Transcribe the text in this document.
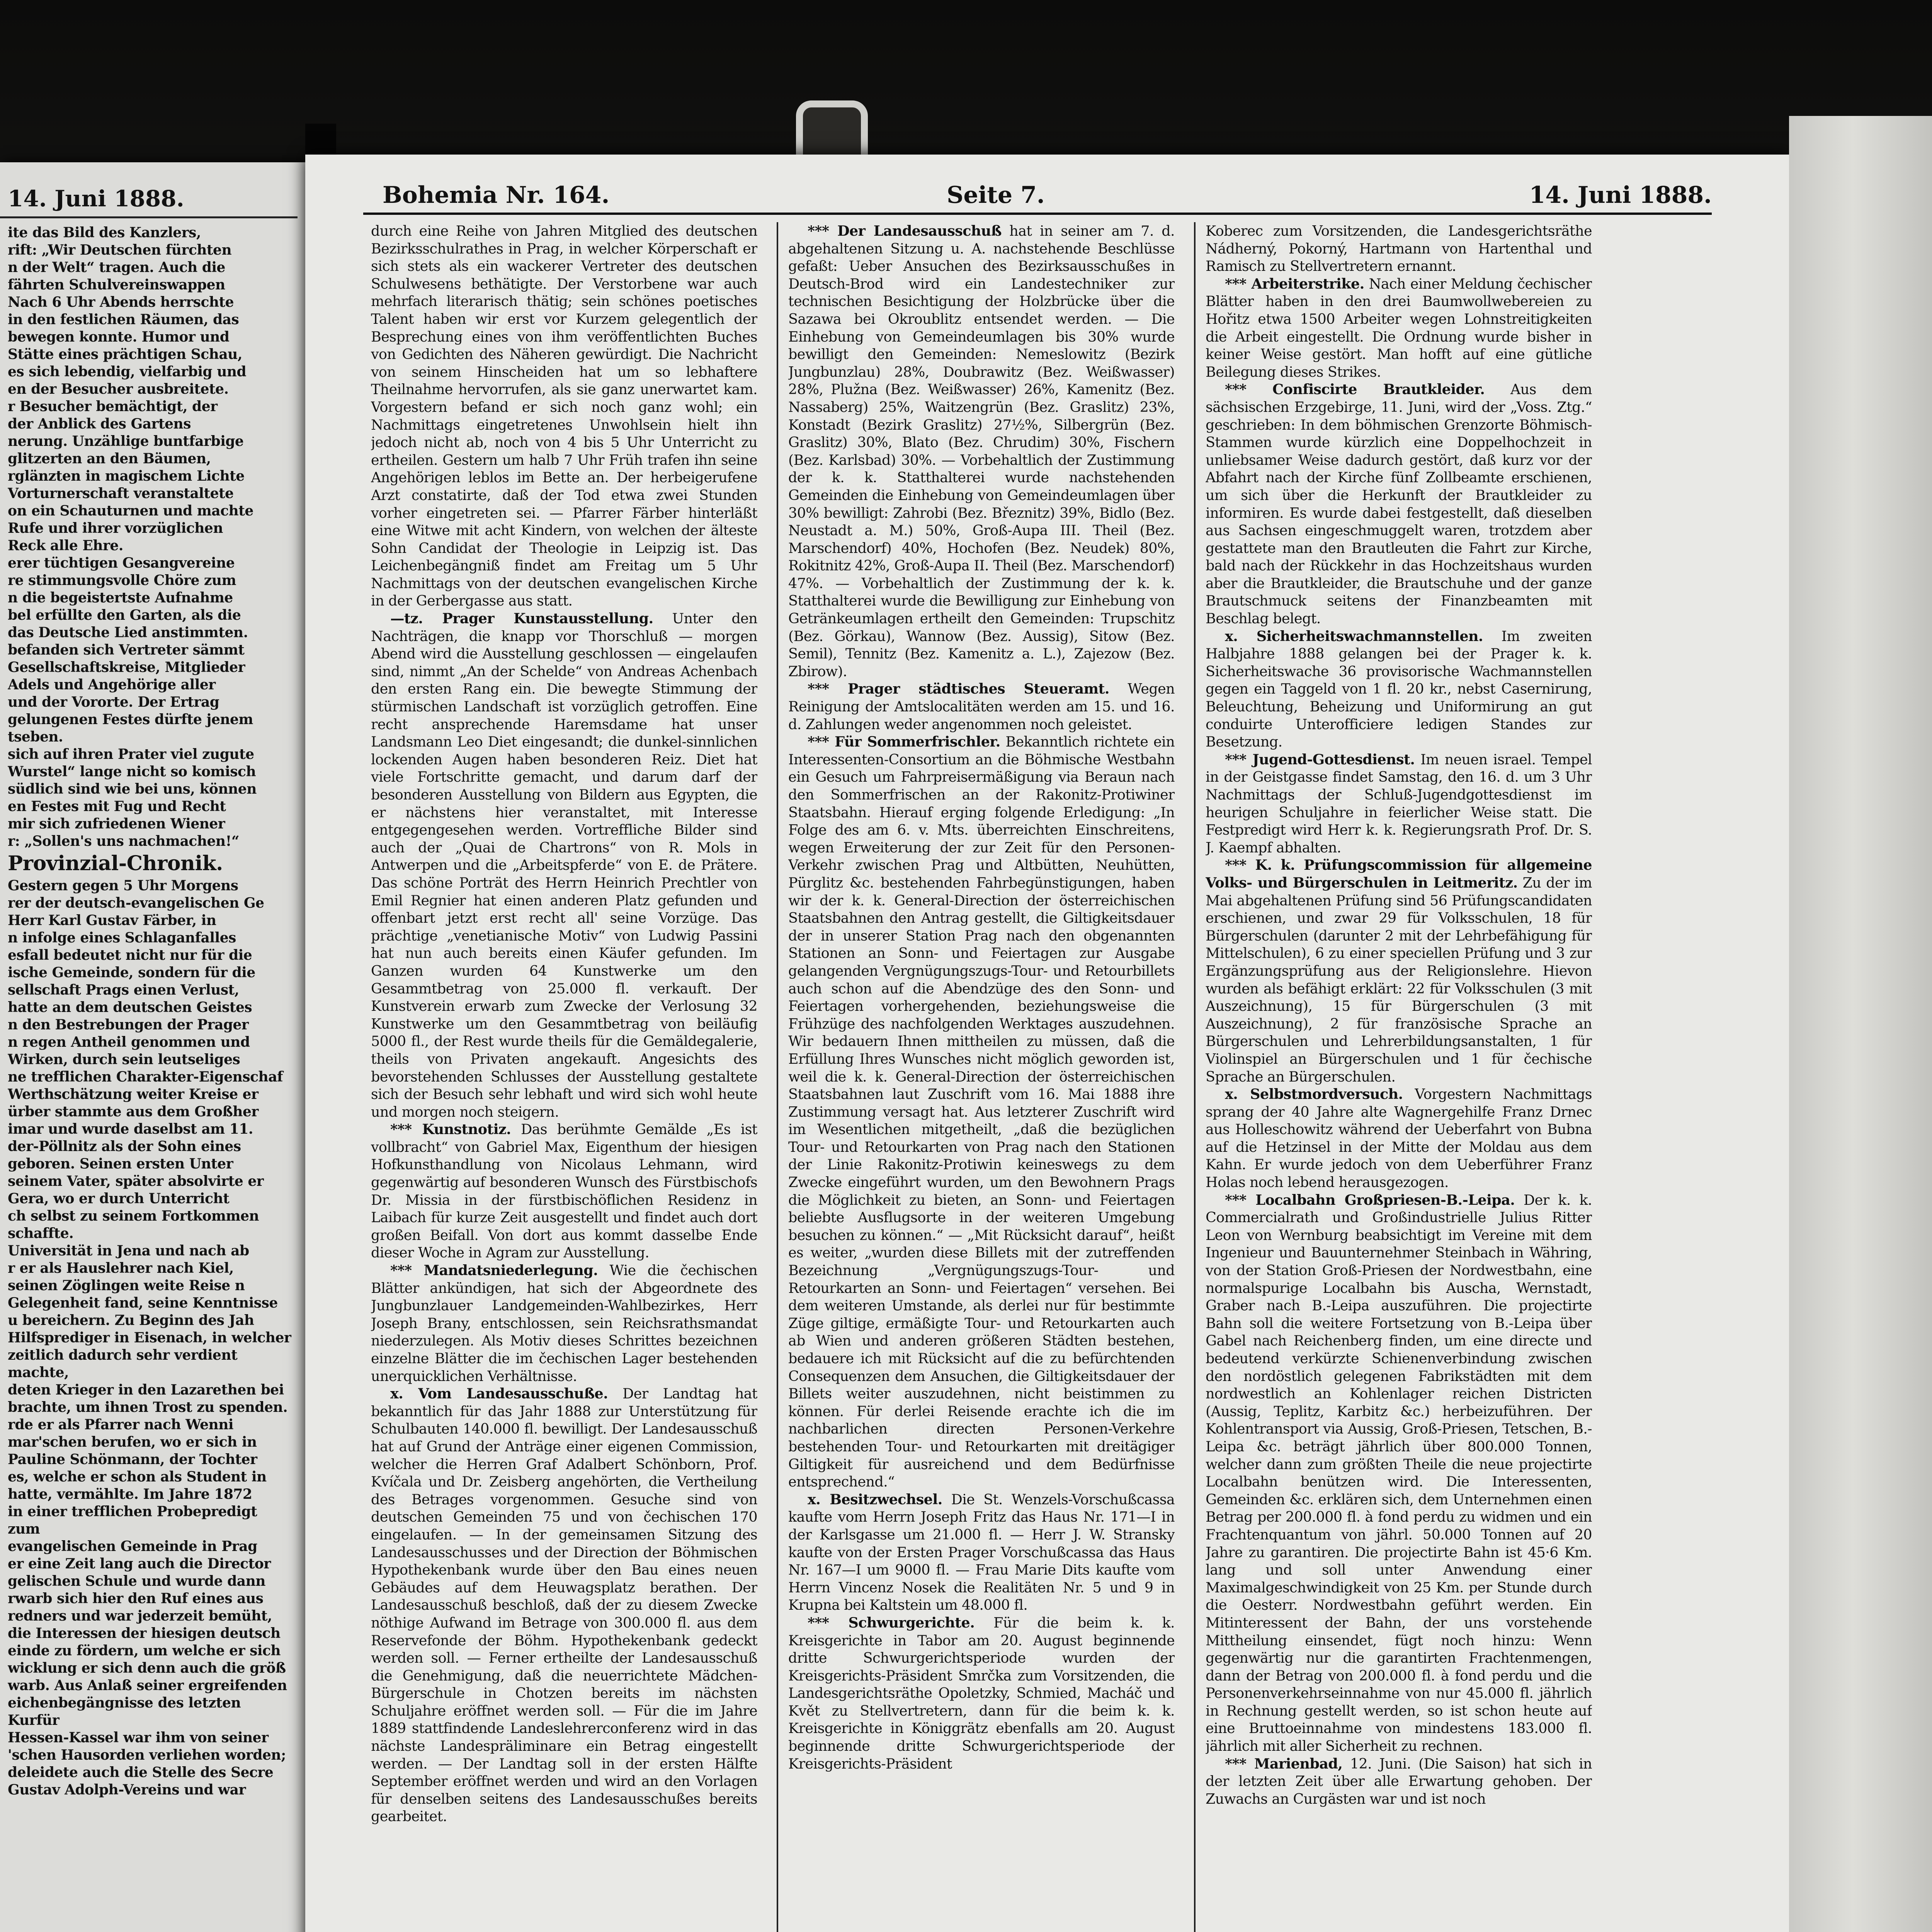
14. Juni 1888.
ite das Bild des Kanzlers,
rift: „Wir Deutschen fürchten
n der Welt“ tragen. Auch die
fährten Schulvereinswappen
Nach 6 Uhr Abends herrschte
in den festlichen Räumen, das
bewegen konnte. Humor und
Stätte eines prächtigen Schau,
es sich lebendig, vielfarbig und
en der Besucher ausbreitete.
r Besucher bemächtigt, der
der Anblick des Gartens
nerung. Unzählige buntfarbige
glitzerten an den Bäumen,
rglänzten in magischem Lichte
Vorturnerschaft veranstaltete
on ein Schauturnen und machte
Rufe und ihrer vorzüglichen
Reck alle Ehre.
erer tüchtigen Gesangvereine
re stimmungsvolle Chöre zum
n die begeistertste Aufnahme
bel erfüllte den Garten, als die
das Deutsche Lied anstimmten.
befanden sich Vertreter sämmt
Gesellschaftskreise, Mitglieder
Adels und Angehörige aller
und der Vororte. Der Ertrag
gelungenen Festes dürfte jenem
tseben.
sich auf ihren Prater viel zugute
Wurstel“ lange nicht so komisch
südlich sind wie bei uns, können
en Festes mit Fug und Recht
mir sich zufriedenen Wiener
r: „Sollen's uns nachmachen!“
Provinzial-Chronik.
Gestern gegen 5 Uhr Morgens
rer der deutsch-evangelischen Ge
Herr Karl Gustav Färber, in
n infolge eines Schlaganfalles
esfall bedeutet nicht nur für die
ische Gemeinde, sondern für die
sellschaft Prags einen Verlust,
hatte an dem deutschen Geistes
n den Bestrebungen der Prager
n regen Antheil genommen und
Wirken, durch sein leutseliges
ne trefflichen Charakter-Eigenschaf
Werthschätzung weiter Kreise er
ürber stammte aus dem Großher
imar und wurde daselbst am 11.
der-Pöllnitz als der Sohn eines
geboren. Seinen ersten Unter
seinem Vater, später absolvirte er
Gera, wo er durch Unterricht
ch selbst zu seinem Fortkommen schaffte.
Universität in Jena und nach ab
r er als Hauslehrer nach Kiel,
seinen Zöglingen weite Reise n
Gelegenheit fand, seine Kenntnisse
u bereichern. Zu Beginn des Jah
Hilfsprediger in Eisenach, in welcher
zeitlich dadurch sehr verdient machte,
deten Krieger in den Lazarethen bei
brachte, um ihnen Trost zu spenden.
rde er als Pfarrer nach Wenni
mar'schen berufen, wo er sich in
Pauline Schönmann, der Tochter
es, welche er schon als Student in
hatte, vermählte. Im Jahre 1872
in einer trefflichen Probepredigt zum
evangelischen Gemeinde in Prag
er eine Zeit lang auch die Director
gelischen Schule und wurde dann
rwarb sich hier den Ruf eines aus
redners und war jederzeit bemüht,
die Interessen der hiesigen deutsch
einde zu fördern, um welche er sich
wicklung er sich denn auch die größ
warb. Aus Anlaß seiner ergreifenden
eichenbegängnisse des letzten Kurfür
Hessen-Kassel war ihm von seiner
'schen Hausorden verliehen worden;
deleidete auch die Stelle des Secre
Gustav Adolph-Vereins und war
Bohemia Nr. 164.	Seite 7.	14. Juni 1888.

durch eine Reihe von Jahren Mitglied des deutschen Bezirksschulrathes in Prag, in welcher Körperschaft er sich stets als ein wackerer Vertreter des deutschen Schulwesens bethätigte. Der Verstorbene war auch mehrfach literarisch thätig; sein schönes poetisches Talent haben wir erst vor Kurzem gelegentlich der Besprechung eines von ihm veröffentlichten Buches von Gedichten des Näheren gewürdigt. Die Nachricht von seinem Hinscheiden hat um so lebhaftere Theilnahme hervorrufen, als sie ganz unerwartet kam. Vorgestern befand er sich noch ganz wohl; ein Nachmittags eingetretenes Unwohlsein hielt ihn jedoch nicht ab, noch von 4 bis 5 Uhr Unterricht zu ertheilen. Gestern um halb 7 Uhr Früh trafen ihn seine Angehörigen leblos im Bette an. Der herbeigerufene Arzt constatirte, daß der Tod etwa zwei Stunden vorher eingetreten sei. — Pfarrer Färber hinterläßt eine Witwe mit acht Kindern, von welchen der älteste Sohn Candidat der Theologie in Leipzig ist. Das Leichenbegängniß findet am Freitag um 5 Uhr Nachmittags von der deutschen evangelischen Kirche in der Gerbergasse aus statt.

—tz. Prager Kunstausstellung. Unter den Nachträgen, die knapp vor Thorschluß — morgen Abend wird die Ausstellung geschlossen — eingelaufen sind, nimmt „An der Schelde“ von Andreas Achenbach den ersten Rang ein. Die bewegte Stimmung der stürmischen Landschaft ist vorzüglich getroffen. Eine recht ansprechende Haremsdame hat unser Landsmann Leo Diet eingesandt; die dunkel-sinnlichen lockenden Augen haben besonderen Reiz. Diet hat viele Fortschritte gemacht, und darum darf der besonderen Ausstellung von Bildern aus Egypten, die er nächstens hier veranstaltet, mit Interesse entgegengesehen werden. Vortreffliche Bilder sind auch der „Quai de Chartrons“ von R. Mols in Antwerpen und die „Arbeitspferde“ von E. de Prätere. Das schöne Porträt des Herrn Heinrich Prechtler von Emil Regnier hat einen anderen Platz gefunden und offenbart jetzt erst recht all' seine Vorzüge. Das prächtige „venetianische Motiv“ von Ludwig Passini hat nun auch bereits einen Käufer gefunden. Im Ganzen wurden 64 Kunstwerke um den Gesammtbetrag von 25.000 fl. verkauft. Der Kunstverein erwarb zum Zwecke der Verlosung 32 Kunstwerke um den Gesammtbetrag von beiläufig 5000 fl., der Rest wurde theils für die Gemäldegalerie, theils von Privaten angekauft. Angesichts des bevorstehenden Schlusses der Ausstellung gestaltete sich der Besuch sehr lebhaft und wird sich wohl heute und morgen noch steigern.

*** Kunstnotiz. Das berühmte Gemälde „Es ist vollbracht“ von Gabriel Max, Eigenthum der hiesigen Hofkunsthandlung von Nicolaus Lehmann, wird gegenwärtig auf besonderen Wunsch des Fürstbischofs Dr. Missia in der fürstbischöflichen Residenz in Laibach für kurze Zeit ausgestellt und findet auch dort großen Beifall. Von dort aus kommt dasselbe Ende dieser Woche in Agram zur Ausstellung.

*** Mandatsniederlegung. Wie die čechischen Blätter ankündigen, hat sich der Abgeordnete des Jungbunzlauer Landgemeinden-Wahlbezirkes, Herr Joseph Brany, entschlossen, sein Reichsrathsmandat niederzulegen. Als Motiv dieses Schrittes bezeichnen einzelne Blätter die im čechischen Lager bestehenden unerquicklichen Verhältnisse.

x. Vom Landesausschuße. Der Landtag hat bekanntlich für das Jahr 1888 zur Unterstützung für Schulbauten 140.000 fl. bewilligt. Der Landesausschuß hat auf Grund der Anträge einer eigenen Commission, welcher die Herren Graf Adalbert Schönborn, Prof. Kvíčala und Dr. Zeisberg angehörten, die Vertheilung des Betrages vorgenommen. Gesuche sind von deutschen Gemeinden 75 und von čechischen 170 eingelaufen. — In der gemeinsamen Sitzung des Landesausschusses und der Direction der Böhmischen Hypothekenbank wurde über den Bau eines neuen Gebäudes auf dem Heuwagsplatz berathen. Der Landesausschuß beschloß, daß der zu diesem Zwecke nöthige Aufwand im Betrage von 300.000 fl. aus dem Reservefonde der Böhm. Hypothekenbank gedeckt werden soll. — Ferner ertheilte der Landesausschuß die Genehmigung, daß die neuerrichtete Mädchen-Bürgerschule in Chotzen bereits im nächsten Schuljahre eröffnet werden soll. — Für die im Jahre 1889 stattfindende Landeslehrerconferenz wird in das nächste Landespräliminare ein Betrag eingestellt werden. — Der Landtag soll in der ersten Hälfte September eröffnet werden und wird an den Vorlagen für denselben seitens des Landesausschußes bereits gearbeitet.

*** Der Landesausschuß hat in seiner am 7. d. abgehaltenen Sitzung u. A. nachstehende Beschlüsse gefaßt: Ueber Ansuchen des Bezirksausschußes in Deutsch-Brod wird ein Landestechniker zur technischen Besichtigung der Holzbrücke über die Sazawa bei Okroublitz entsendet werden. — Die Einhebung von Gemeindeumlagen bis 30% wurde bewilligt den Gemeinden: Nemeslowitz (Bezirk Jungbunzlau) 28%, Doubrawitz (Bez. Weißwasser) 28%, Plužna (Bez. Weißwasser) 26%, Kamenitz (Bez. Nassaberg) 25%, Waitzengrün (Bez. Graslitz) 23%, Konstadt (Bezirk Graslitz) 27½%, Silbergrün (Bez. Graslitz) 30%, Blato (Bez. Chrudim) 30%, Fischern (Bez. Karlsbad) 30%. — Vorbehaltlich der Zustimmung der k. k. Statthalterei wurde nachstehenden Gemeinden die Einhebung von Gemeindeumlagen über 30% bewilligt: Zahrobi (Bez. Březnitz) 39%, Bidlo (Bez. Neustadt a. M.) 50%, Groß-Aupa III. Theil (Bez. Marschendorf) 40%, Hochofen (Bez. Neudek) 80%, Rokitnitz 42%, Groß-Aupa II. Theil (Bez. Marschendorf) 47%. — Vorbehaltlich der Zustimmung der k. k. Statthalterei wurde die Bewilligung zur Einhebung von Getränkeumlagen ertheilt den Gemeinden: Trupschitz (Bez. Görkau), Wannow (Bez. Aussig), Sitow (Bez. Semil), Tennitz (Bez. Kamenitz a. L.), Zajezow (Bez. Zbirow).

*** Prager städtisches Steueramt. Wegen Reinigung der Amtslocalitäten werden am 15. und 16. d. Zahlungen weder angenommen noch geleistet.

*** Für Sommerfrischler. Bekanntlich richtete ein Interessenten-Consortium an die Böhmische Westbahn ein Gesuch um Fahrpreisermäßigung via Beraun nach den Sommerfrischen an der Rakonitz-Protiwiner Staatsbahn. Hierauf erging folgende Erledigung: „In Folge des am 6. v. Mts. überreichten Einschreitens, wegen Erweiterung der zur Zeit für den Personen-Verkehr zwischen Prag und Altbütten, Neuhütten, Pürglitz &c. bestehenden Fahrbegünstigungen, haben wir der k. k. General-Direction der österreichischen Staatsbahnen den Antrag gestellt, die Giltigkeitsdauer der in unserer Station Prag nach den obgenannten Stationen an Sonn- und Feiertagen zur Ausgabe gelangenden Vergnügungszugs-Tour- und Retourbillets auch schon auf die Abendzüge des den Sonn- und Feiertagen vorhergehenden, beziehungsweise die Frühzüge des nachfolgenden Werktages auszudehnen. Wir bedauern Ihnen mittheilen zu müssen, daß die Erfüllung Ihres Wunsches nicht möglich geworden ist, weil die k. k. General-Direction der österreichischen Staatsbahnen laut Zuschrift vom 16. Mai 1888 ihre Zustimmung versagt hat. Aus letzterer Zuschrift wird im Wesentlichen mitgetheilt, „daß die bezüglichen Tour- und Retourkarten von Prag nach den Stationen der Linie Rakonitz-Protiwin keineswegs zu dem Zwecke eingeführt wurden, um den Bewohnern Prags die Möglichkeit zu bieten, an Sonn- und Feiertagen beliebte Ausflugsorte in der weiteren Umgebung besuchen zu können.“ — „Mit Rücksicht darauf“, heißt es weiter, „wurden diese Billets mit der zutreffenden Bezeichnung „Vergnügungszugs-Tour- und Retourkarten an Sonn- und Feiertagen“ versehen. Bei dem weiteren Umstande, als derlei nur für bestimmte Züge giltige, ermäßigte Tour- und Retourkarten auch ab Wien und anderen größeren Städten bestehen, bedauere ich mit Rücksicht auf die zu befürchtenden Consequenzen dem Ansuchen, die Giltigkeitsdauer der Billets weiter auszudehnen, nicht beistimmen zu können. Für derlei Reisende erachte ich die im nachbarlichen directen Personen-Verkehre bestehenden Tour- und Retourkarten mit dreitägiger Giltigkeit für ausreichend und dem Bedürfnisse entsprechend.“

x. Besitzwechsel. Die St. Wenzels-Vorschußcassa kaufte vom Herrn Joseph Fritz das Haus Nr. 171—I in der Karlsgasse um 21.000 fl. — Herr J. W. Stransky kaufte von der Ersten Prager Vorschußcassa das Haus Nr. 167—I um 9000 fl. — Frau Marie Dits kaufte vom Herrn Vincenz Nosek die Realitäten Nr. 5 und 9 in Krupna bei Kaltstein um 48.000 fl.

*** Schwurgerichte. Für die beim k. k. Kreisgerichte in Tabor am 20. August beginnende dritte Schwurgerichtsperiode wurden der Kreisgerichts-Präsident Smrčka zum Vorsitzenden, die Landesgerichtsräthe Opoletzky, Schmied, Macháč und Květ zu Stellvertretern, dann für die beim k. k. Kreisgerichte in Königgrätz ebenfalls am 20. August beginnende dritte Schwurgerichtsperiode der Kreisgerichts-Präsident

Koberec zum Vorsitzenden, die Landesgerichtsräthe Nádherný, Pokorný, Hartmann von Hartenthal und Ramisch zu Stellvertretern ernannt.

*** Arbeiterstrike. Nach einer Meldung čechischer Blätter haben in den drei Baumwollwebereien zu Hořitz etwa 1500 Arbeiter wegen Lohnstreitigkeiten die Arbeit eingestellt. Die Ordnung wurde bisher in keiner Weise gestört. Man hofft auf eine gütliche Beilegung dieses Strikes.

*** Confiscirte Brautkleider. Aus dem sächsischen Erzgebirge, 11. Juni, wird der „Voss. Ztg.“ geschrieben: In dem böhmischen Grenzorte Böhmisch-Stammen wurde kürzlich eine Doppelhochzeit in unliebsamer Weise dadurch gestört, daß kurz vor der Abfahrt nach der Kirche fünf Zollbeamte erschienen, um sich über die Herkunft der Brautkleider zu informiren. Es wurde dabei festgestellt, daß dieselben aus Sachsen eingeschmuggelt waren, trotzdem aber gestattete man den Brautleuten die Fahrt zur Kirche, bald nach der Rückkehr in das Hochzeitshaus wurden aber die Brautkleider, die Brautschuhe und der ganze Brautschmuck seitens der Finanzbeamten mit Beschlag belegt.

x. Sicherheitswachmannstellen. Im zweiten Halbjahre 1888 gelangen bei der Prager k. k. Sicherheitswache 36 provisorische Wachmannstellen gegen ein Taggeld von 1 fl. 20 kr., nebst Casernirung, Beleuchtung, Beheizung und Uniformirung an gut conduirte Unterofficiere ledigen Standes zur Besetzung.

*** Jugend-Gottesdienst. Im neuen israel. Tempel in der Geistgasse findet Samstag, den 16. d. um 3 Uhr Nachmittags der Schluß-Jugendgottesdienst im heurigen Schuljahre in feierlicher Weise statt. Die Festpredigt wird Herr k. k. Regierungsrath Prof. Dr. S. J. Kaempf abhalten.

*** K. k. Prüfungscommission für allgemeine Volks- und Bürgerschulen in Leitmeritz. Zu der im Mai abgehaltenen Prüfung sind 56 Prüfungscandidaten erschienen, und zwar 29 für Volksschulen, 18 für Bürgerschulen (darunter 2 mit der Lehrbefähigung für Mittelschulen), 6 zu einer speciellen Prüfung und 3 zur Ergänzungsprüfung aus der Religionslehre. Hievon wurden als befähigt erklärt: 22 für Volksschulen (3 mit Auszeichnung), 15 für Bürgerschulen (3 mit Auszeichnung), 2 für französische Sprache an Bürgerschulen und Lehrerbildungsanstalten, 1 für Violinspiel an Bürgerschulen und 1 für čechische Sprache an Bürgerschulen.

x. Selbstmordversuch. Vorgestern Nachmittags sprang der 40 Jahre alte Wagnergehilfe Franz Drnec aus Holleschowitz während der Ueberfahrt von Bubna auf die Hetzinsel in der Mitte der Moldau aus dem Kahn. Er wurde jedoch von dem Ueberführer Franz Holas noch lebend herausgezogen.

*** Localbahn Großpriesen-B.-Leipa. Der k. k. Commercialrath und Großindustrielle Julius Ritter Leon von Wernburg beabsichtigt im Vereine mit dem Ingenieur und Bauunternehmer Steinbach in Währing, von der Station Groß-Priesen der Nordwestbahn, eine normalspurige Localbahn bis Auscha, Wernstadt, Graber nach B.-Leipa auszuführen. Die projectirte Bahn soll die weitere Fortsetzung von B.-Leipa über Gabel nach Reichenberg finden, um eine directe und bedeutend verkürzte Schienenverbindung zwischen den nordöstlich gelegenen Fabrikstädten mit dem nordwestlich an Kohlenlager reichen Districten (Aussig, Teplitz, Karbitz &c.) herbeizuführen. Der Kohlentransport via Aussig, Groß-Priesen, Tetschen, B.-Leipa &c. beträgt jährlich über 800.000 Tonnen, welcher dann zum größten Theile die neue projectirte Localbahn benützen wird. Die Interessenten, Gemeinden &c. erklären sich, dem Unternehmen einen Betrag per 200.000 fl. à fond perdu zu widmen und ein Frachtenquantum von jährl. 50.000 Tonnen auf 20 Jahre zu garantiren. Die projectirte Bahn ist 45·6 Km. lang und soll unter Anwendung einer Maximalgeschwindigkeit von 25 Km. per Stunde durch die Oesterr. Nordwestbahn geführt werden. Ein Mitinteressent der Bahn, der uns vorstehende Mittheilung einsendet, fügt noch hinzu: Wenn gegenwärtig nur die garantirten Frachtenmengen, dann der Betrag von 200.000 fl. à fond perdu und die Personenverkehrseinnahme von nur 45.000 fl. jährlich in Rechnung gestellt werden, so ist schon heute auf eine Bruttoeinnahme von mindestens 183.000 fl. jährlich mit aller Sicherheit zu rechnen.

*** Marienbad, 12. Juni. (Die Saison) hat sich in der letzten Zeit über alle Erwartung gehoben. Der Zuwachs an Curgästen war und ist noch
